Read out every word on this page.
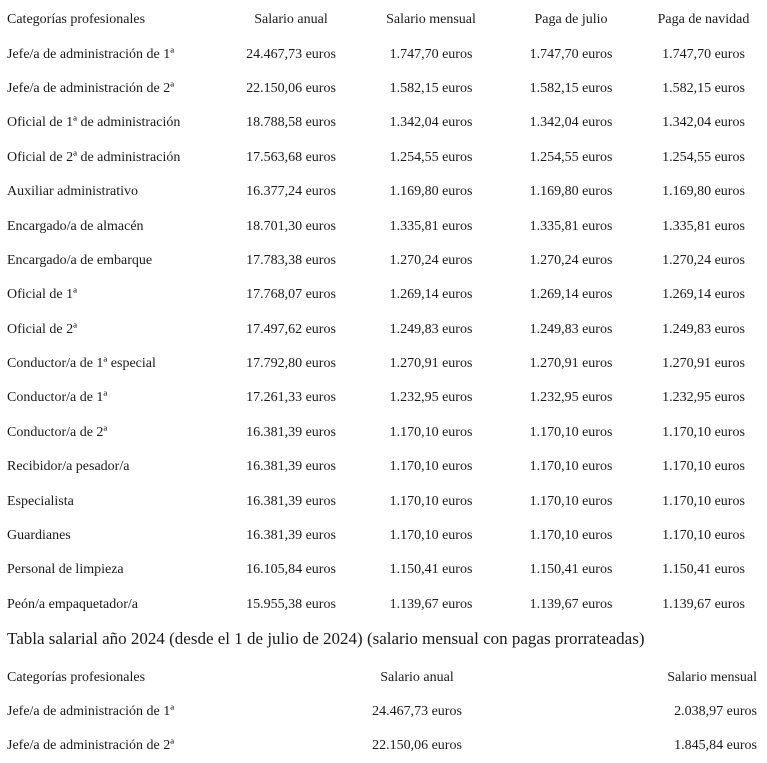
Categorías profesionales	Salario anual	Salario mensual	Paga de julio	Paga de navidad
Jefe/a de administración de 1ª	24.467,73 euros	1.747,70 euros	1.747,70 euros	1.747,70 euros
Jefe/a de administración de 2ª	22.150,06 euros	1.582,15 euros	1.582,15 euros	1.582,15 euros
Oficial de 1ª de administración	18.788,58 euros	1.342,04 euros	1.342,04 euros	1.342,04 euros
Oficial de 2ª de administración	17.563,68 euros	1.254,55 euros	1.254,55 euros	1.254,55 euros
Auxiliar administrativo	16.377,24 euros	1.169,80 euros	1.169,80 euros	1.169,80 euros
Encargado/a de almacén	18.701,30 euros	1.335,81 euros	1.335,81 euros	1.335,81 euros
Encargado/a de embarque	17.783,38 euros	1.270,24 euros	1.270,24 euros	1.270,24 euros
Oficial de 1ª	17.768,07 euros	1.269,14 euros	1.269,14 euros	1.269,14 euros
Oficial de 2ª	17.497,62 euros	1.249,83 euros	1.249,83 euros	1.249,83 euros
Conductor/a de 1ª especial	17.792,80 euros	1.270,91 euros	1.270,91 euros	1.270,91 euros
Conductor/a de 1ª	17.261,33 euros	1.232,95 euros	1.232,95 euros	1.232,95 euros
Conductor/a de 2ª	16.381,39 euros	1.170,10 euros	1.170,10 euros	1.170,10 euros
Recibidor/a pesador/a	16.381,39 euros	1.170,10 euros	1.170,10 euros	1.170,10 euros
Especialista	16.381,39 euros	1.170,10 euros	1.170,10 euros	1.170,10 euros
Guardianes	16.381,39 euros	1.170,10 euros	1.170,10 euros	1.170,10 euros
Personal de limpieza	16.105,84 euros	1.150,41 euros	1.150,41 euros	1.150,41 euros
Peón/a empaquetador/a	15.955,38 euros	1.139,67 euros	1.139,67 euros	1.139,67 euros
Tabla salarial año 2024 (desde el 1 de julio de 2024) (salario mensual con pagas prorrateadas)
Categorías profesionales	Salario anual	Salario mensual
Jefe/a de administración de 1ª	24.467,73 euros	2.038,97 euros
Jefe/a de administración de 2ª	22.150,06 euros	1.845,84 euros
